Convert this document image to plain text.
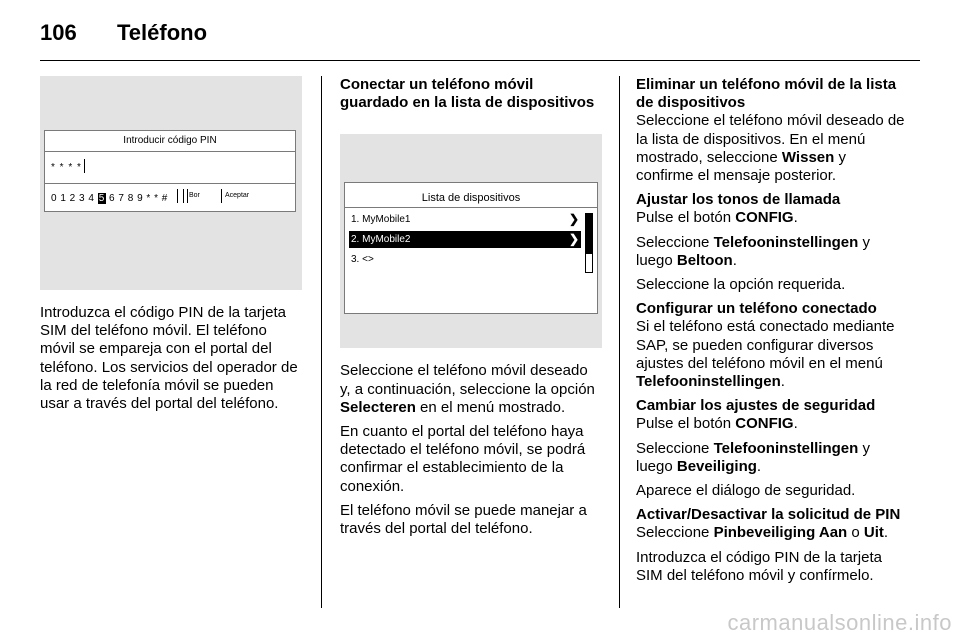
106 Teléfono
Introducir código PIN
* * * *
0 1 2 3 4 5 6 7 8 9 * * #	Bor	Aceptar

Introduzca el código PIN de la tarjeta SIM del teléfono móvil. El teléfono móvil se empareja con el portal del teléfono. Los servicios del operador de la red de telefonía móvil se pueden usar a través del portal del teléfono.

Conectar un teléfono móvil guardado en la lista de dispositivos
Lista de dispositivos
1. MyMobile1	❯
2. MyMobile2	❯
3. <>

Seleccione el teléfono móvil deseado y, a continuación, seleccione la opción Selecteren en el menú mostrado.

En cuanto el portal del teléfono haya detectado el teléfono móvil, se podrá confirmar el establecimiento de la conexión.

El teléfono móvil se puede manejar a través del portal del teléfono.

Eliminar un teléfono móvil de la lista de dispositivos

Seleccione el teléfono móvil deseado de la lista de dispositivos. En el menú mostrado, seleccione Wissen y confirme el mensaje posterior.

Ajustar los tonos de llamada

Pulse el botón CONFIG.

Seleccione Telefooninstellingen y luego Beltoon.

Seleccione la opción requerida.

Configurar un teléfono conectado

Si el teléfono está conectado mediante SAP, se pueden configurar diversos ajustes del teléfono móvil en el menú Telefooninstellingen.

Cambiar los ajustes de seguridad

Pulse el botón CONFIG.

Seleccione Telefooninstellingen y luego Beveiliging.

Aparece el diálogo de seguridad.

Activar/Desactivar la solicitud de PIN

Seleccione Pinbeveiliging Aan o Uit.

Introduzca el código PIN de la tarjeta SIM del teléfono móvil y confírmelo.

carmanualsonline.info
